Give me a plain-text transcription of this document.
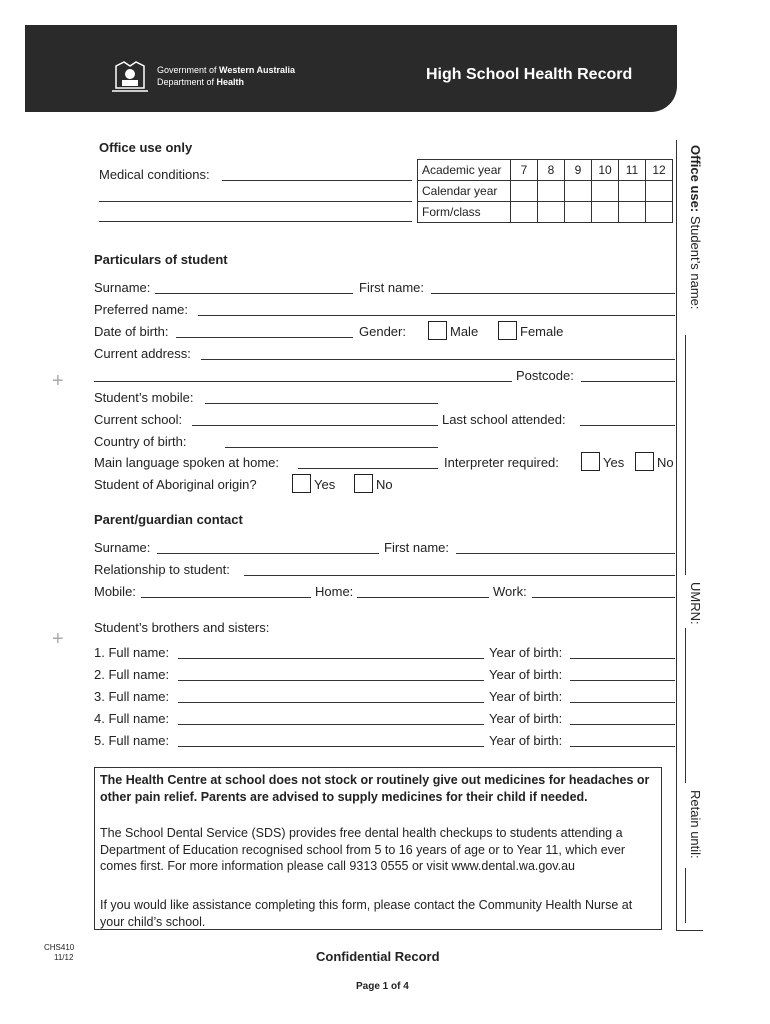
Government of Western Australia
Department of Health	High School Health Record
Office use only
Medical conditions:	Academic year	7	8	9	10	11	12
Calendar year						
Form/class						
Particulars of student
Surname:	First name:
Preferred name:
Date of birth:	Gender:	Male	Female
Current address:
Postcode:
Student’s mobile:
Current school:	Last school attended:
Country of birth:
Main language spoken at home:	Interpreter required:	Yes	No
Student of Aboriginal origin?	Yes	No
Parent/guardian contact
Surname:	First name:
Relationship to student:
Mobile:	Home:	Work:
Student’s brothers and sisters:
1. Full name:	Year of birth:
2. Full name:	Year of birth:
3. Full name:	Year of birth:
4. Full name:	Year of birth:
5. Full name:	Year of birth:

The Health Centre at school does not stock or routinely give out medicines for headaches or other pain relief. Parents are advised to supply medicines for their child if needed.

The School Dental Service (SDS) provides free dental health checkups to students attending a Department of Education recognised school from 5 to 16 years of age or to Year 11, which ever comes first. For more information please call 9313 0555 or visit www.dental.wa.gov.au

If you would like assistance completing this form, please contact the Community Health Nurse at your child’s school.

Office use: Student’s name:
UMRN:
Retain until:
+
+
CHS410
11/12	Confidential Record
Page 1 of 4
